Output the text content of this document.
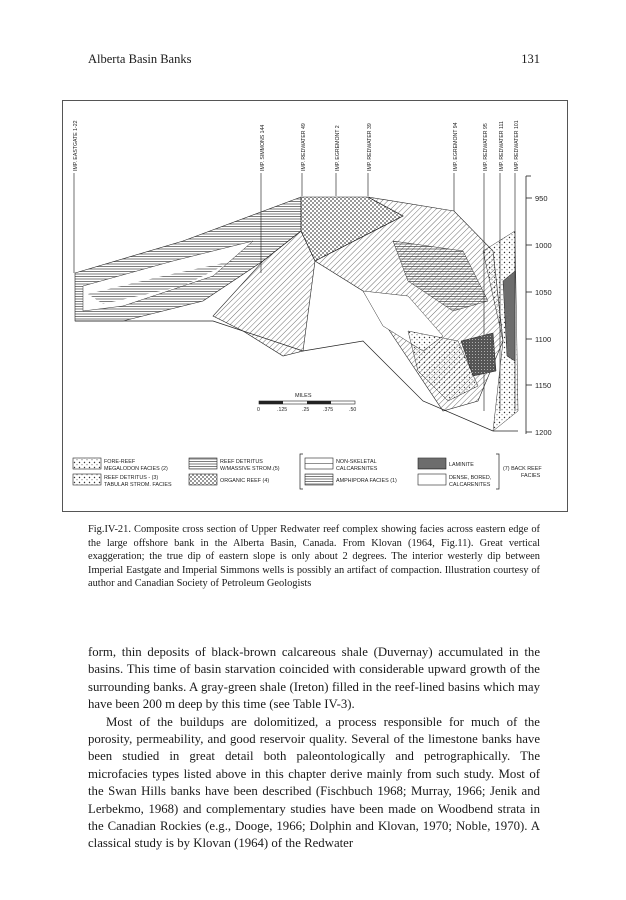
Alberta Basin Banks	131
IMP. EASTGATE 1-22	IMP. SIMMONS 144	IMP. REDWATER 49	IMP. EGREMONT 2	IMP. REDWATER 39	IMP. EGREMONT 94	IMP. REDWATER 95 IMP. REDWATER 111 IMP. REDWATER 101
950
1000
1050
1100
1150
1200
MILES
0	.125	.25	.375	.50
FORE-REEF
MEGALODON FACIES (2)
REEF DETRITUS - (3)
TABULAR STROM. FACIES
REEF DETRITUS
W/MASSIVE STROM.(5)
ORGANIC REEF (4)
NON-SKELETAL
CALCARENITES
AMPHIPORA FACIES (1)
LAMINITE
DENSE, BORED,
CALCARENITES
(7) BACK REEF
FACIES
Fig.IV-21. Composite cross section of Upper Redwater reef complex showing facies across eastern edge of the large offshore bank in the Alberta Basin, Canada. From Klovan (1964, Fig.11). Great vertical exaggeration; the true dip of eastern slope is only about 2 degrees. The interior westerly dip between Imperial Eastgate and Imperial Simmons wells is possibly an artifact of compaction. Illustration courtesy of author and Canadian Society of Petroleum Geologists

form, thin deposits of black-brown calcareous shale (Duvernay) accumulated in the basins. This time of basin starvation coincided with considerable upward growth of the surrounding banks. A gray-green shale (Ireton) filled in the reef-lined basins which may have been 200 m deep by this time (see Table IV-3).

Most of the buildups are dolomitized, a process responsible for much of the porosity, permeability, and good reservoir quality. Several of the limestone banks have been studied in great detail both paleontologically and petrographically. The microfacies types listed above in this chapter derive mainly from such study. Most of the Swan Hills banks have been described (Fischbuch 1968; Murray, 1966; Jenik and Lerbekmo, 1968) and complementary studies have been made on Woodbend strata in the Canadian Rockies (e.g., Dooge, 1966; Dolphin and Klovan, 1970; Noble, 1970). A classical study is by Klovan (1964) of the Redwater
